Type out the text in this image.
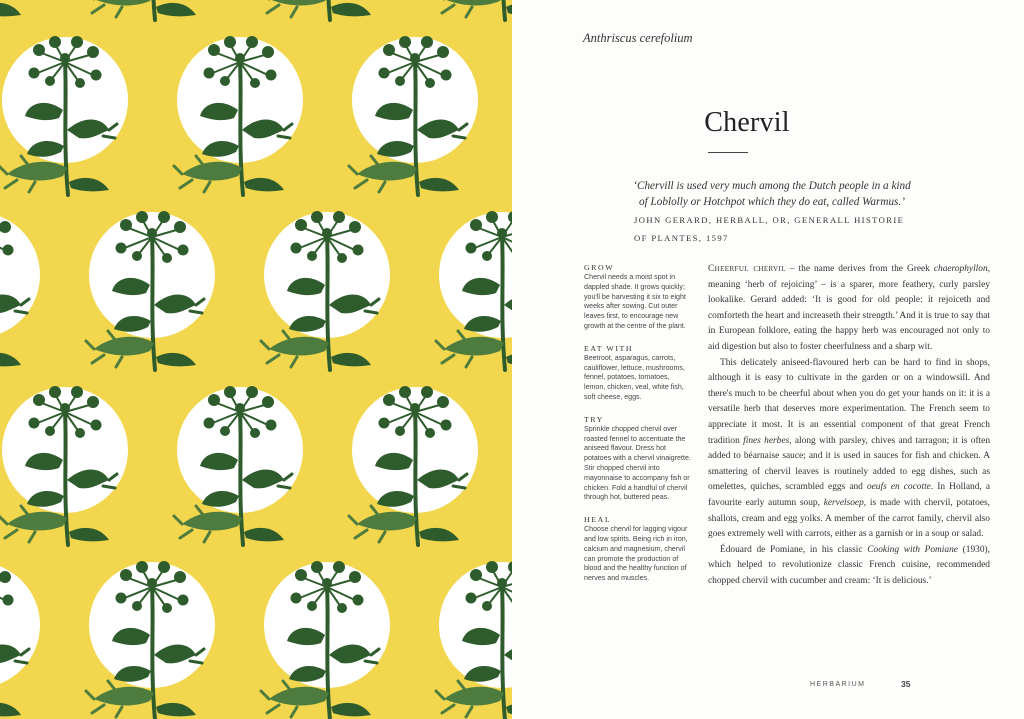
Anthriscus cerefolium
Chervil
‘Chervill is used very much among the Dutch people in a kind
of Loblolly or Hotchpot which they do eat, called Warmus.’
JOHN GERARD, HERBALL, OR, GENERALL HISTORIE
OF PLANTES, 1597
GROW
Chervil needs a moist spot in dappled shade. It grows quickly; you'll be harvesting it six to eight weeks after sowing. Cut outer leaves first, to encourage new growth at the centre of the plant.
EAT WITH
Beetroot, asparagus, carrots, cauliflower, lettuce, mushrooms, fennel, potatoes, tomatoes, lemon, chicken, veal, white fish, soft cheese, eggs.
TRY
Sprinkle chopped chervil over roasted fennel to accentuate the aniseed flavour. Dress hot potatoes with a chervil vinaigrette. Stir chopped chervil into mayonnaise to accompany fish or chicken. Fold a handful of chervil through hot, buttered peas.
HEAL
Choose chervil for lagging vigour and low spirits. Being rich in iron, calcium and magnesium, chervil can promote the production of blood and the healthy function of nerves and muscles.

Cheerful chervil – the name derives from the Greek chaerophyllon, meaning ‘herb of rejoicing’ – is a sparer, more feathery, curly parsley lookalike. Gerard added: ‘It is good for old people: it rejoiceth and comforteth the heart and increaseth their strength.’ And it is true to say that in European folklore, eating the happy herb was encouraged not only to aid digestion but also to foster cheerfulness and a sharp wit.

This delicately aniseed-flavoured herb can be hard to find in shops, although it is easy to cultivate in the garden or on a windowsill. And there's much to be cheerful about when you do get your hands on it: it is a versatile herb that deserves more experimentation. The French seem to appreciate it most. It is an essential component of that great French tradition fines herbes, along with parsley, chives and tarragon; it is often added to béarnaise sauce; and it is used in sauces for fish and chicken. A smattering of chervil leaves is routinely added to egg dishes, such as omelettes, quiches, scrambled eggs and oeufs en cocotte. In Holland, a favourite early autumn soup, kervelsoep, is made with chervil, potatoes, shallots, cream and egg yolks. A member of the carrot family, chervil also goes extremely well with carrots, either as a garnish or in a soup or salad.

Édouard de Pomiane, in his classic Cooking with Pomiane (1930), which helped to revolutionize classic French cuisine, recommended chopped chervil with cucumber and cream: ‘It is delicious.’

HERBARIUM	35
